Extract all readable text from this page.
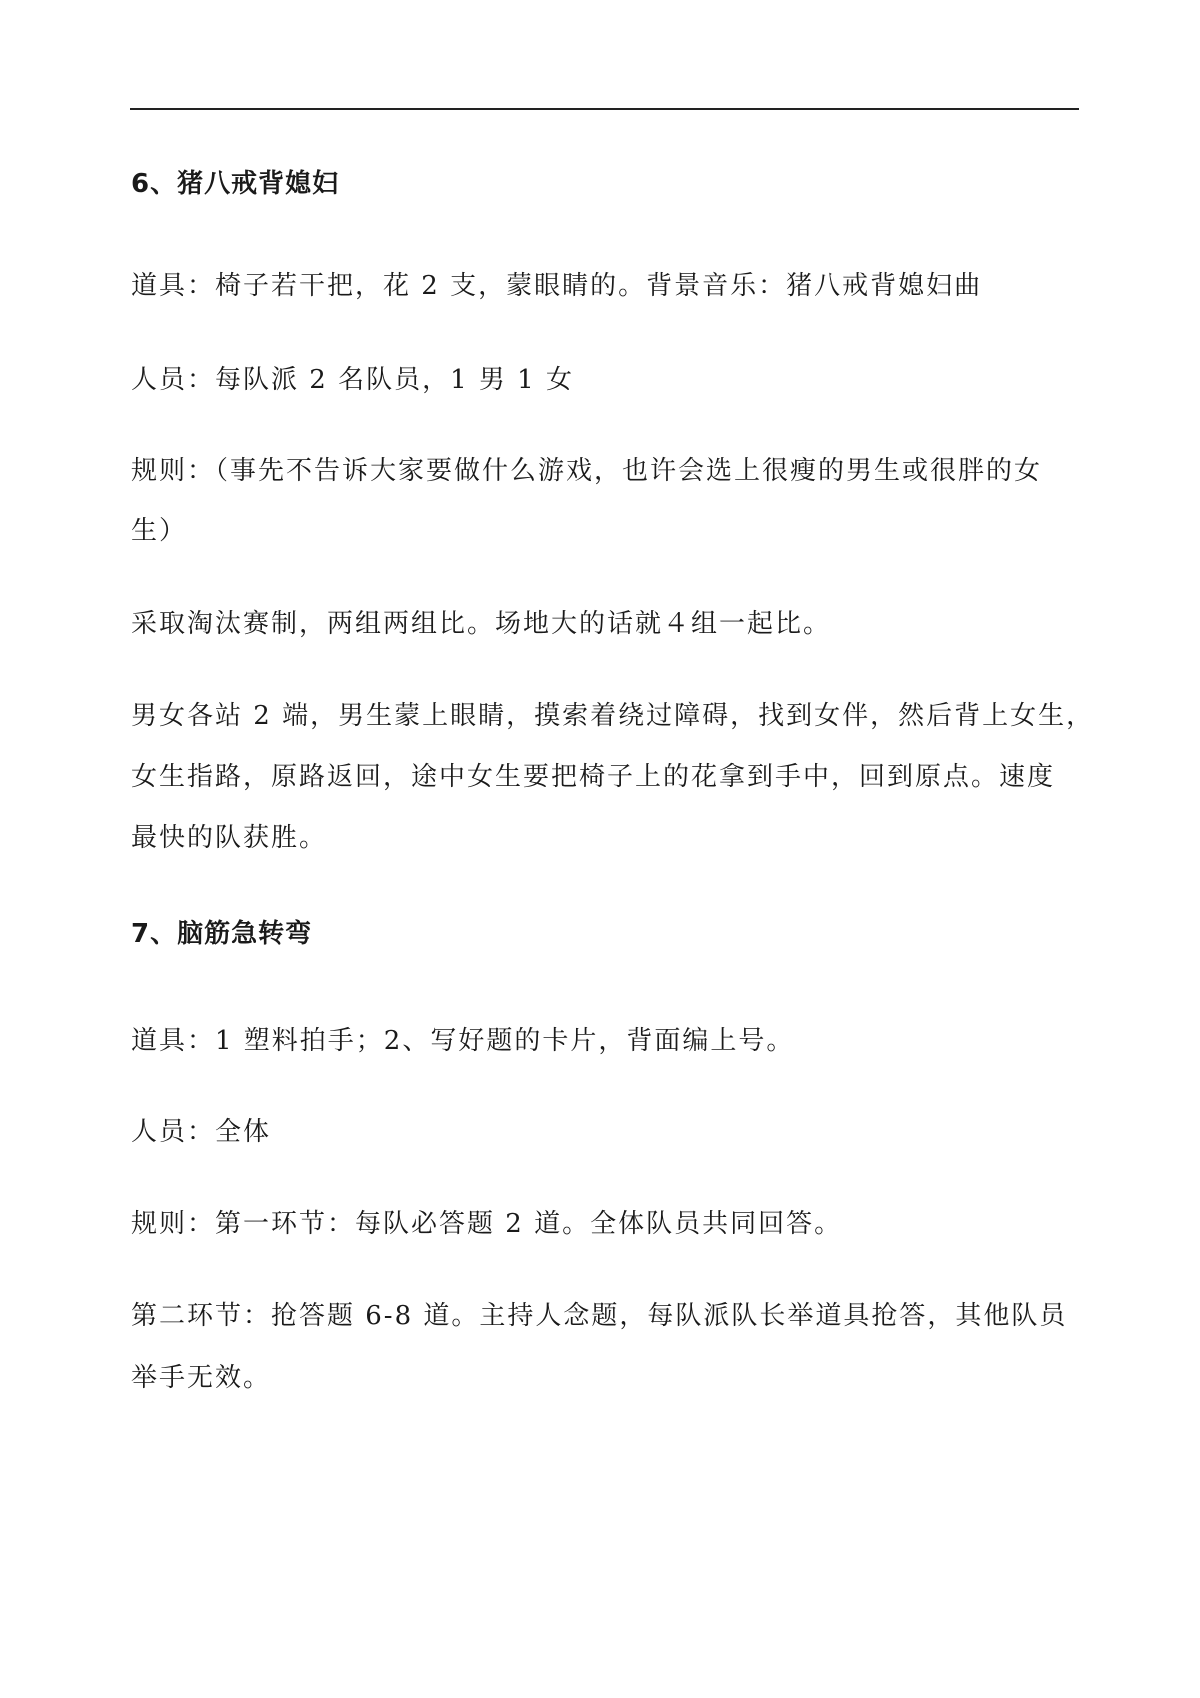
6、猪八戒背媳妇
道具：椅子若干把，花 2 支，蒙眼睛的。背景音乐：猪八戒背媳妇曲
人员：每队派 2 名队员，1 男 1 女
规则：（事先不告诉大家要做什么游戏，也许会选上很瘦的男生或很胖的女
生）
采取淘汰赛制，两组两组比。场地大的话就４组一起比。
男女各站 2 端，男生蒙上眼睛，摸索着绕过障碍，找到女伴，然后背上女生，
女生指路，原路返回，途中女生要把椅子上的花拿到手中，回到原点。速度
最快的队获胜。
7、脑筋急转弯
道具：1 塑料拍手；2、写好题的卡片，背面编上号。
人员：全体
规则：第一环节：每队必答题 2 道。全体队员共同回答。
第二环节：抢答题 6-8 道。主持人念题，每队派队长举道具抢答，其他队员
举手无效。
